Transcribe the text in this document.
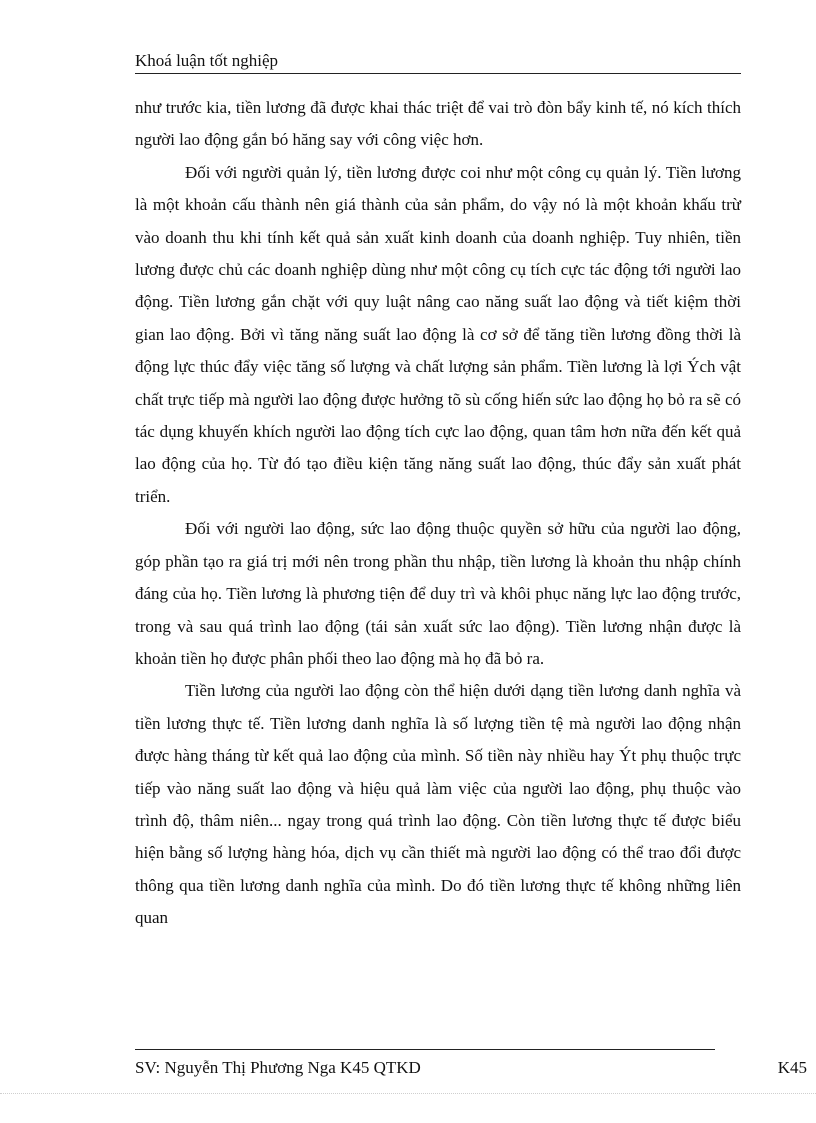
Khoá luận tốt nghiệp

như trước kia, tiền lương đã được khai thác triệt để vai trò đòn bẩy kinh tế, nó kích thích người lao động gắn bó hăng say với công việc hơn.

Đối với người quản lý, tiền lương được coi như một công cụ quản lý. Tiền lương là một khoản cấu thành nên giá thành của sản phẩm, do vậy nó là một khoản khấu trừ vào doanh thu khi tính kết quả sản xuất kinh doanh của doanh nghiệp. Tuy nhiên, tiền lương được chủ các doanh nghiệp dùng như một công cụ tích cực tác động tới người lao động. Tiền lương gắn chặt với quy luật nâng cao năng suất lao động và tiết kiệm thời gian lao động. Bởi vì tăng năng suất lao động là cơ sở để tăng tiền lương đồng thời là động lực thúc đẩy việc tăng số lượng và chất lượng sản phẩm. Tiền lương là lợi Ých vật chất trực tiếp mà người lao động được hưởng tõ sù cống hiến sức lao động họ bỏ ra sẽ có tác dụng khuyến khích người lao động tích cực lao động, quan tâm hơn nữa đến kết quả lao động của họ. Từ đó tạo điều kiện tăng năng suất lao động, thúc đẩy sản xuất phát triển.

Đối với người lao động, sức lao động thuộc quyền sở hữu của người lao động, góp phần tạo ra giá trị mới nên trong phần thu nhập, tiền lương là khoản thu nhập chính đáng của họ. Tiền lương là phương tiện để duy trì và khôi phục năng lực lao động trước, trong và sau quá trình lao động (tái sản xuất sức lao động). Tiền lương nhận được là khoản tiền họ được phân phối theo lao động mà họ đã bỏ ra.

Tiền lương của người lao động còn thể hiện dưới dạng tiền lương danh nghĩa và tiền lương thực tế. Tiền lương danh nghĩa là số lượng tiền tệ mà người lao động nhận được hàng tháng từ kết quả lao động của mình. Số tiền này nhiều hay Ýt phụ thuộc trực tiếp vào năng suất lao động và hiệu quả làm việc của người lao động, phụ thuộc vào trình độ, thâm niên... ngay trong quá trình lao động. Còn tiền lương thực tế được biểu hiện bằng số lượng hàng hóa, dịch vụ cần thiết mà người lao động có thể trao đổi được thông qua tiền lương danh nghĩa của mình. Do đó tiền lương thực tế không những liên quan

SV: Nguyễn Thị Phương Nga K45 QTKD	K45
